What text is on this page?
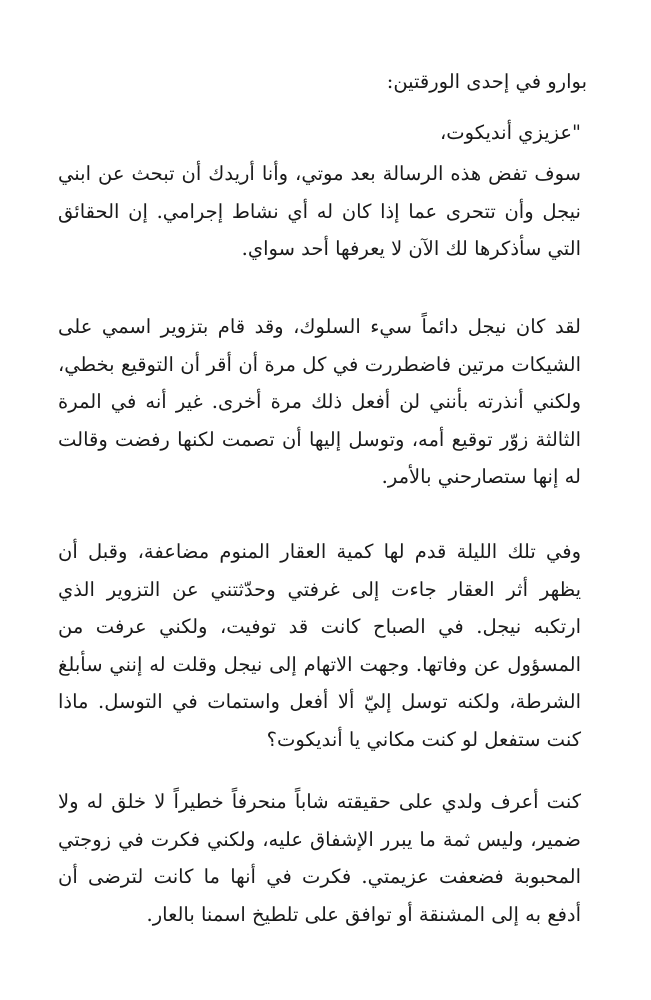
بوارو في إحدى الورقتين:

"عزيزي أنديكوت،

سوف تفض هذه الرسالة بعد موتي، وأنا أريدك أن تبحث عن ابني نيجل وأن تتحرى عما إذا كان له أي نشاط إجرامي. إن الحقائق التي سأذكرها لك الآن لا يعرفها أحد سواي.

لقد كان نيجل دائماً سيء السلوك، وقد قام بتزوير اسمي على الشيكات مرتين فاضطررت في كل مرة أن أقر أن التوقيع بخطي، ولكني أنذرته بأنني لن أفعل ذلك مرة أخرى. غير أنه في المرة الثالثة زوّر توقيع أمه، وتوسل إليها أن تصمت لكنها رفضت وقالت له إنها ستصارحني بالأمر.

وفي تلك الليلة قدم لها كمية العقار المنوم مضاعفة، وقبل أن يظهر أثر العقار جاءت إلى غرفتي وحدّثتني عن التزوير الذي ارتكبه نيجل. في الصباح كانت قد توفيت، ولكني عرفت من المسؤول عن وفاتها. وجهت الاتهام إلى نيجل وقلت له إنني سأبلغ الشرطة، ولكنه توسل إليّ ألا أفعل واستمات في التوسل. ماذا كنت ستفعل لو كنت مكاني يا أنديكوت؟

كنت أعرف ولدي على حقيقته شاباً منحرفاً خطيراً لا خلق له ولا ضمير، وليس ثمة ما يبرر الإشفاق عليه، ولكني فكرت في زوجتي المحبوبة فضعفت عزيمتي. فكرت في أنها ما كانت لترضى أن أدفع به إلى المشنقة أو توافق على تلطيخ اسمنا بالعار.
